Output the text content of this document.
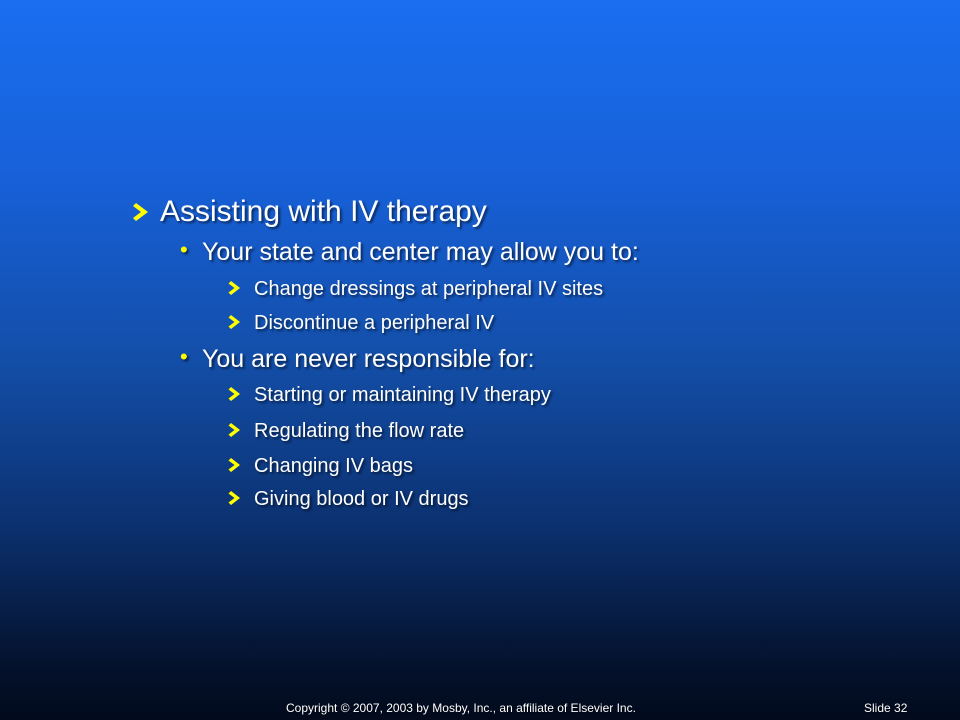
Assisting with IV therapy
• Your state and center may allow you to:
Change dressings at peripheral IV sites
Discontinue a peripheral IV
• You are never responsible for:
Starting or maintaining IV therapy
Regulating the flow rate
Changing IV bags
Giving blood or IV drugs
Copyright © 2007, 2003 by Mosby, Inc., an affiliate of Elsevier Inc.	Slide 32
